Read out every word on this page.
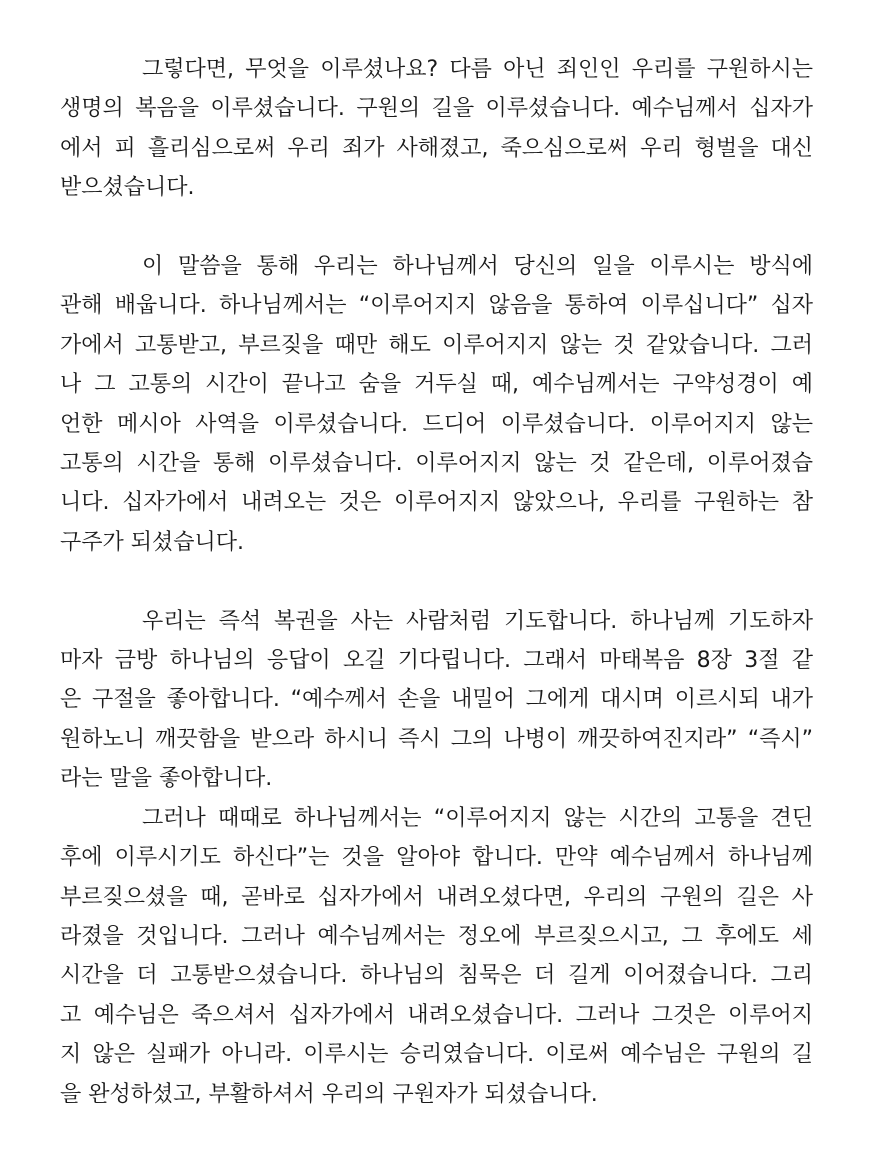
그렇다면, 무엇을 이루셨나요? 다름 아닌 죄인인 우리를 구원하시는
생명의 복음을 이루셨습니다. 구원의 길을 이루셨습니다. 예수님께서 십자가
에서 피 흘리심으로써 우리 죄가 사해졌고, 죽으심으로써 우리 형벌을 대신
받으셨습니다.
이 말씀을 통해 우리는 하나님께서 당신의 일을 이루시는 방식에
관해 배웁니다. 하나님께서는 “이루어지지 않음을 통하여 이루십니다” 십자
가에서 고통받고, 부르짖을 때만 해도 이루어지지 않는 것 같았습니다. 그러
나 그 고통의 시간이 끝나고 숨을 거두실 때, 예수님께서는 구약성경이 예
언한 메시아 사역을 이루셨습니다. 드디어 이루셨습니다. 이루어지지 않는
고통의 시간을 통해 이루셨습니다. 이루어지지 않는 것 같은데, 이루어졌습
니다. 십자가에서 내려오는 것은 이루어지지 않았으나, 우리를 구원하는 참
구주가 되셨습니다.
우리는 즉석 복권을 사는 사람처럼 기도합니다. 하나님께 기도하자
마자 금방 하나님의 응답이 오길 기다립니다. 그래서 마태복음 8장 3절 같
은 구절을 좋아합니다. “예수께서 손을 내밀어 그에게 대시며 이르시되 내가
원하노니 깨끗함을 받으라 하시니 즉시 그의 나병이 깨끗하여진지라” “즉시”
라는 말을 좋아합니다.
그러나 때때로 하나님께서는 “이루어지지 않는 시간의 고통을 견딘
후에 이루시기도 하신다”는 것을 알아야 합니다. 만약 예수님께서 하나님께
부르짖으셨을 때, 곧바로 십자가에서 내려오셨다면, 우리의 구원의 길은 사
라졌을 것입니다. 그러나 예수님께서는 정오에 부르짖으시고, 그 후에도 세
시간을 더 고통받으셨습니다. 하나님의 침묵은 더 길게 이어졌습니다. 그리
고 예수님은 죽으셔서 십자가에서 내려오셨습니다. 그러나 그것은 이루어지
지 않은 실패가 아니라. 이루시는 승리였습니다. 이로써 예수님은 구원의 길
을 완성하셨고, 부활하셔서 우리의 구원자가 되셨습니다.
